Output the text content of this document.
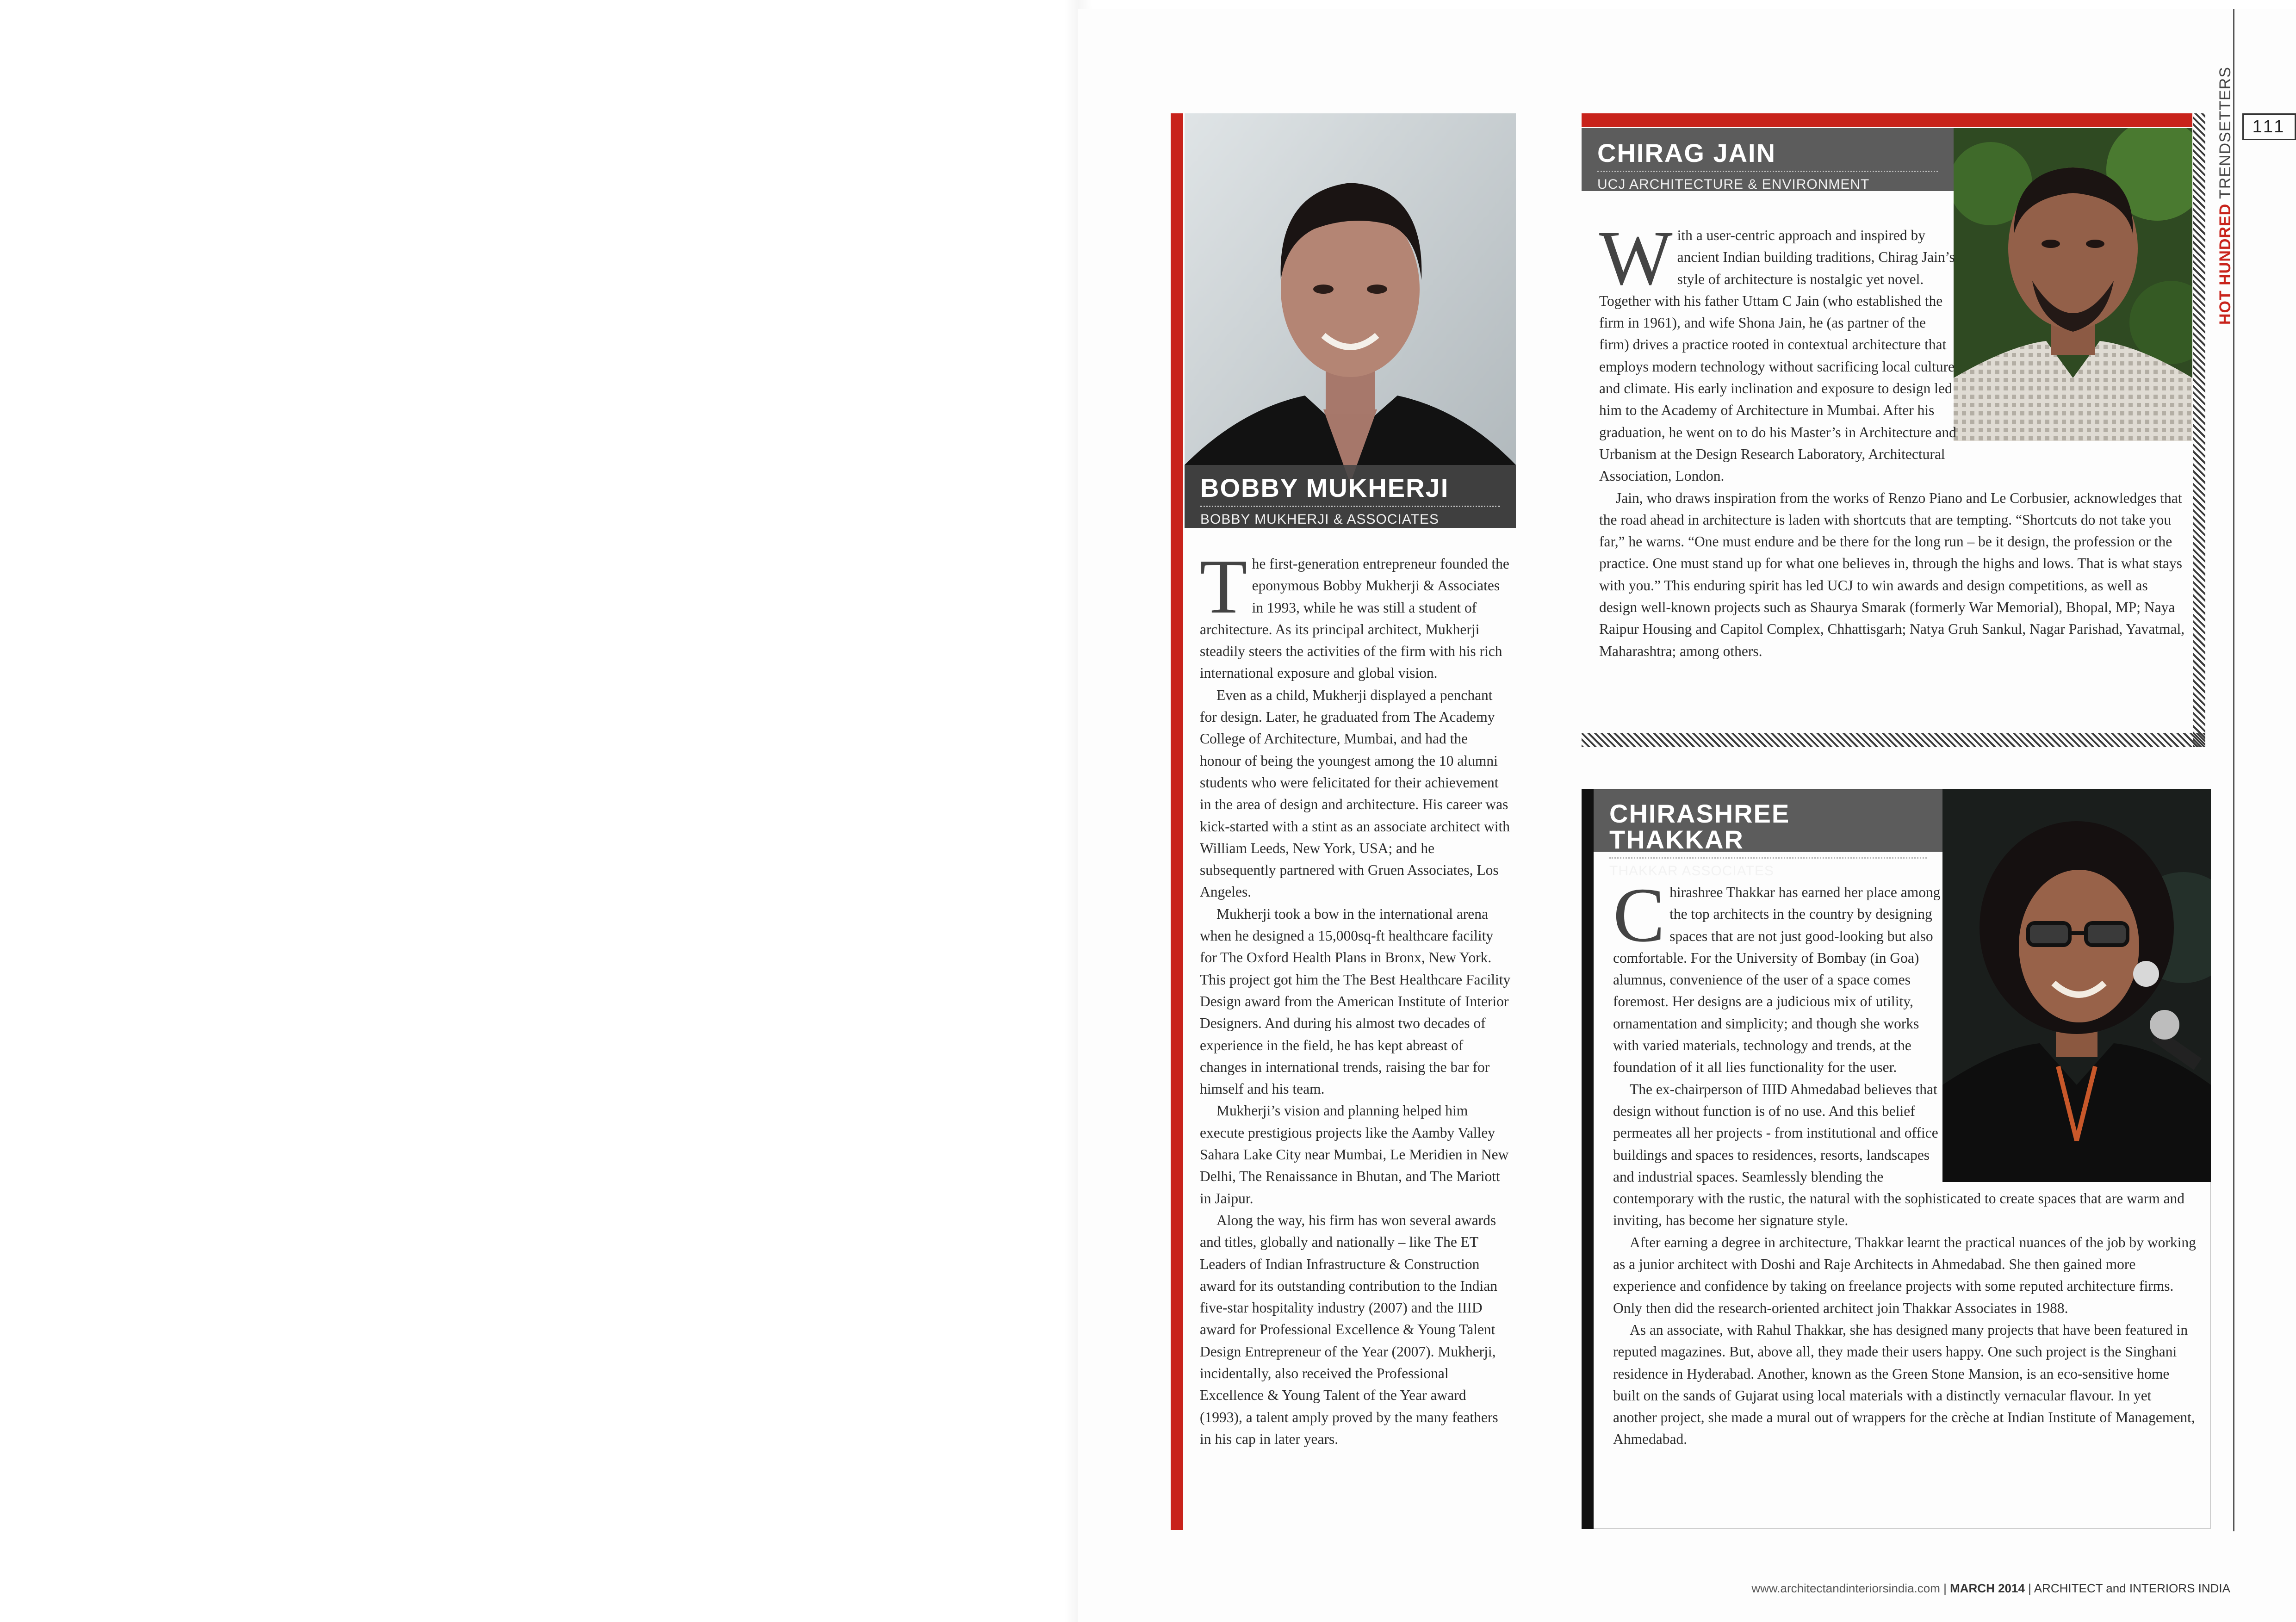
BOBBY MUKHERJI
BOBBY MUKHERJI & ASSOCIATES

The first-generation entrepreneur founded the eponymous Bobby Mukherji & Associates in 1993, while he was still a student of architecture. As its principal architect, Mukherji steadily steers the activities of the firm with his rich international exposure and global vision.

Even as a child, Mukherji displayed a penchant for design. Later, he graduated from The Academy College of Architecture, Mumbai, and had the honour of being the youngest among the 10 alumni students who were felicitated for their achievement in the area of design and architecture. His career was kick-started with a stint as an associate architect with William Leeds, New York, USA; and he subsequently partnered with Gruen Associates, Los Angeles.

Mukherji took a bow in the international arena when he designed a 15,000sq-ft healthcare facility for The Oxford Health Plans in Bronx, New York. This project got him the The Best Healthcare Facility Design award from the American Institute of Interior Designers. And during his almost two decades of experience in the field, he has kept abreast of changes in international trends, raising the bar for himself and his team.

Mukherji’s vision and planning helped him execute prestigious projects like the Aamby Valley Sahara Lake City near Mumbai, Le Meridien in New Delhi, The Renaissance in Bhutan, and The Mariott in Jaipur.

Along the way, his firm has won several awards and titles, globally and nationally – like The ET Leaders of Indian Infrastructure & Construction award for its outstanding contribution to the Indian five-star hospitality industry (2007) and the IIID award for Professional Excellence & Young Talent Design Entrepreneur of the Year (2007). Mukherji, incidentally, also received the Professional Excellence & Young Talent of the Year award (1993), a talent amply proved by the many feathers in his cap in later years.

CHIRAG JAIN
UCJ ARCHITECTURE & ENVIRONMENT

With a user-centric approach and inspired by ancient Indian building traditions, Chirag Jain’s style of architecture is nostalgic yet novel. Together with his father Uttam C Jain (who established the firm in 1961), and wife Shona Jain, he (as partner of the firm) drives a practice rooted in contextual architecture that employs modern technology without sacrificing local culture and climate. His early inclination and exposure to design led him to the Academy of Architecture in Mumbai. After his graduation, he went on to do his Master’s in Architecture and Urbanism at the Design Research Laboratory, Architectural Association, London.

Jain, who draws inspiration from the works of Renzo Piano and Le Corbusier, acknowledges that the road ahead in architecture is laden with shortcuts that are tempting. “Shortcuts do not take you far,” he warns. “One must endure and be there for the long run – be it design, the profession or the practice. One must stand up for what one believes in, through the highs and lows. That is what stays with you.” This enduring spirit has led UCJ to win awards and design competitions, as well as design well-known projects such as Shaurya Smarak (formerly War Memorial), Bhopal, MP; Naya Raipur Housing and Capitol Complex, Chhattisgarh; Natya Gruh Sankul, Nagar Parishad, Yavatmal, Maharashtra; among others.

CHIRASHREE THAKKAR
THAKKAR ASSOCIATES

Chirashree Thakkar has earned her place among the top architects in the country by designing spaces that are not just good-looking but also comfortable. For the University of Bombay (in Goa) alumnus, convenience of the user of a space comes foremost. Her designs are a judicious mix of utility, ornamentation and simplicity; and though she works with varied materials, technology and trends, at the foundation of it all lies functionality for the user.

The ex-chairperson of IIID Ahmedabad believes that design without function is of no use. And this belief permeates all her projects - from institutional and office buildings and spaces to residences, resorts, landscapes and industrial spaces. Seamlessly blending the contemporary with the rustic, the natural with the sophisticated to create spaces that are warm and inviting, has become her signature style.

After earning a degree in architecture, Thakkar learnt the practical nuances of the job by working as a junior architect with Doshi and Raje Architects in Ahmedabad. She then gained more experience and confidence by taking on freelance projects with some reputed architecture firms. Only then did the research-oriented architect join Thakkar Associates in 1988.

As an associate, with Rahul Thakkar, she has designed many projects that have been featured in reputed magazines. But, above all, they made their users happy. One such project is the Singhani residence in Hyderabad. Another, known as the Green Stone Mansion, is an eco-sensitive home built on the sands of Gujarat using local materials with a distinctly vernacular flavour. In yet another project, she made a mural out of wrappers for the crèche at Indian Institute of Management, Ahmedabad.

111
HOT HUNDRED TRENDSETTERS
www.architectandinteriorsindia.com | MARCH 2014 | ARCHITECT and INTERIORS INDIA
